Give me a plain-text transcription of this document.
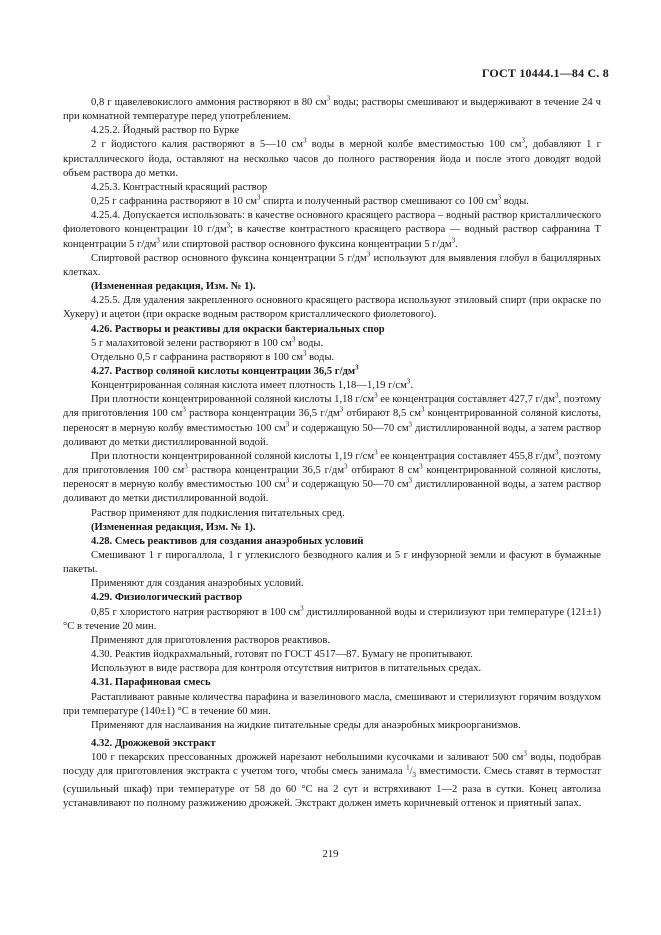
ГОСТ 10444.1—84 С. 8

0,8 г щавелевокислого аммония растворяют в 80 $см^3$ воды; растворы смешивают и выдерживают в течение 24 ч при комнатной температуре перед употреблением.

4.25.2. Йодный раствор по Бурке

2 г йодистого калия растворяют в 5—10 $см^3$ воды в мерной колбе вместимостью 100 $см^3$, добавляют 1 г кристаллического йода, оставляют на несколько часов до полного растворения йода и после этого доводят водой объем раствора до метки.

4.25.3. Контрастный красящий раствор

0,25 г сафранина растворяют в 10 $см^3$ спирта и полученный раствор смешивают со 100 $см^3$ воды.

4.25.4. Допускается использовать: в качестве основного красящего раствора – водный раствор кристаллического фиолетового концентрации 10 $г/дм^3$; в качестве контрастного красящего раствора — водный раствор сафранина Т концентрации 5 $г/дм^3$ или спиртовой раствор основного фуксина концентрации 5 $г/дм^3$.

Спиртовой раствор основного фуксина концентрации 5 $г/дм^3$ используют для выявления глобул в бациллярных клетках.

(Измененная редакция, Изм. № 1).

4.25.5. Для удаления закрепленного основного красящего раствора используют этиловый спирт (при окраске по Хукеру) и ацетон (при окраске водным раствором кристаллического фиолетового).

4.26. Растворы и реактивы для окраски бактериальных спор

5 г малахитовой зелени растворяют в 100 $см^3$ воды.

Отдельно 0,5 г сафранина растворяют в 100 $см^3$ воды.

4.27. Раствор соляной кислоты концентрации 36,5 $г/дм^3$

Концентрированная соляная кислота имеет плотность 1,18—1,19 $г/см^3$.

При плотности концентрированной соляной кислоты 1,18 $г/см^3$ ее концентрация составляет 427,7 $г/дм^3$, поэтому для приготовления 100 $см^3$ раствора концентрации 36,5 $г/дм^3$ отбирают 8,5 $см^3$ концентрированной соляной кислоты, переносят в мерную колбу вместимостью 100 $см^3$ и содержащую 50—70 $см^3$ дистиллированной воды, а затем раствор доливают до метки дистиллированной водой.

При плотности концентрированной соляной кислоты 1,19 $г/см^3$ ее концентрация составляет 455,8 $г/дм^3$, поэтому для приготовления 100 $см^3$ раствора концентрации 36,5 $г/дм^3$ отбирают 8 $см^3$ концентрированной соляной кислоты, переносят в мерную колбу вместимостью 100 $см^3$ и содержащую 50—70 $см^3$ дистиллированной воды, а затем раствор доливают до метки дистиллированной водой.

Раствор применяют для подкисления питательных сред.

(Измененная редакция, Изм. № 1).

4.28. Смесь реактивов для создания анаэробных условий

Смешивают 1 г пирогаллола, 1 г углекислого безводного калия и 5 г инфузорной земли и фасуют в бумажные пакеты.

Применяют для создания анаэробных условий.

4.29. Физиологический раствор

0,85 г хлористого натрия растворяют в 100 $см^3$ дистиллированной воды и стерилизуют при температуре (121±1) °С в течение 20 мин.

Применяют для приготовления растворов реактивов.

4.30. Реактив йодкрахмальный, готовят по ГОСТ 4517—87. Бумагу не пропитывают.

Используют в виде раствора для контроля отсутствия нитритов в питательных средах.

4.31. Парафиновая смесь

Растапливают равные количества парафина и вазелинового масла, смешивают и стерилизуют горячим воздухом при температуре (140±1) °С в течение 60 мин.

Применяют для наслаивания на жидкие питательные среды для анаэробных микроорганизмов.

4.32. Дрожжевой экстракт

100 г пекарских прессованных дрожжей нарезают небольшими кусочками и заливают 500 $см^3$ воды, подобрав посуду для приготовления экстракта с учетом того, чтобы смесь занимала $^1/_3$ вместимости. Смесь ставят в термостат (сушильный шкаф) при температуре от 58 до 60 °С на 2 сут и встряхивают 1—2 раза в сутки. Конец автолиза устанавливают по полному разжижению дрожжей. Экстракт должен иметь коричневый оттенок и приятный запах.

219
